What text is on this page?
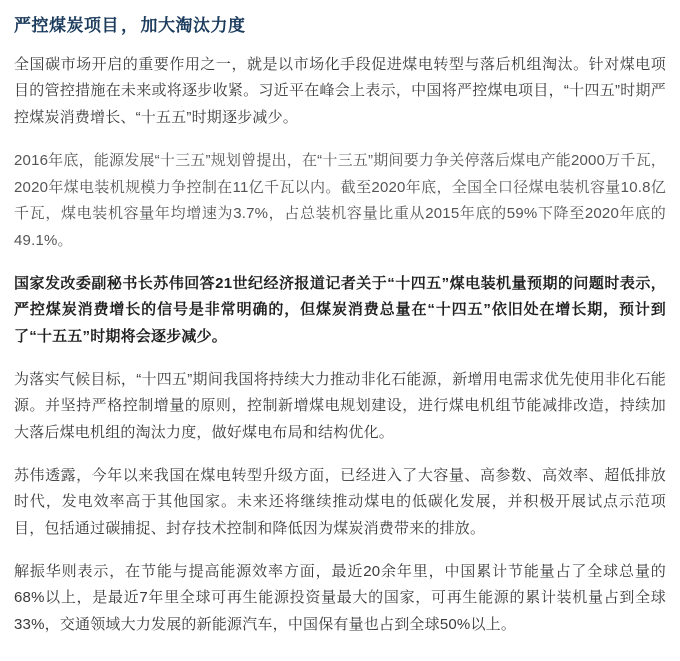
严控煤炭项目 ， 加大淘汰力度

全国碳市场开启的重要作用之一，就是以市场化手段促进煤电转型与落后机组淘汰。针对煤电项目的管控措施在未来或将逐步收紧。习近平在峰会上表示，中国将严控煤电项目，“十四五”时期严控煤炭消费增长、“十五五”时期逐步减少。

2016年底，能源发展“十三五”规划曾提出，在“十三五”期间要力争关停落后煤电产能2000万千瓦，2020年煤电装机规模力争控制在11亿千瓦以内。截至2020年底，全国全口径煤电装机容量10.8亿千瓦，煤电装机容量年均增速为3.7%，占总装机容量比重从2015年底的59%下降至2020年底的49.1%。

国家发改委副秘书长苏伟回答21世纪经济报道记者关于“十四五”煤电装机量预期的问题时表示，严控煤炭消费增长的信号是非常明确的，但煤炭消费总量在“十四五”依旧处在增长期，预计到了“十五五”时期将会逐步减少。

为落实气候目标，“十四五”期间我国将持续大力推动非化石能源，新增用电需求优先使用非化石能源。并坚持严格控制增量的原则，控制新增煤电规划建设，进行煤电机组节能减排改造，持续加大落后煤电机组的淘汰力度，做好煤电布局和结构优化。

苏伟透露，今年以来我国在煤电转型升级方面，已经进入了大容量、高参数、高效率、超低排放时代，发电效率高于其他国家。未来还将继续推动煤电的低碳化发展，并积极开展试点示范项目，包括通过碳捕捉、封存技术控制和降低因为煤炭消费带来的排放。

解振华则表示，在节能与提高能源效率方面，最近20余年里，中国累计节能量占了全球总量的68%以上，是最近7年里全球可再生能源投资量最大的国家，可再生能源的累计装机量占到全球33%，交通领域大力发展的新能源汽车，中国保有量也占到全球50%以上。
